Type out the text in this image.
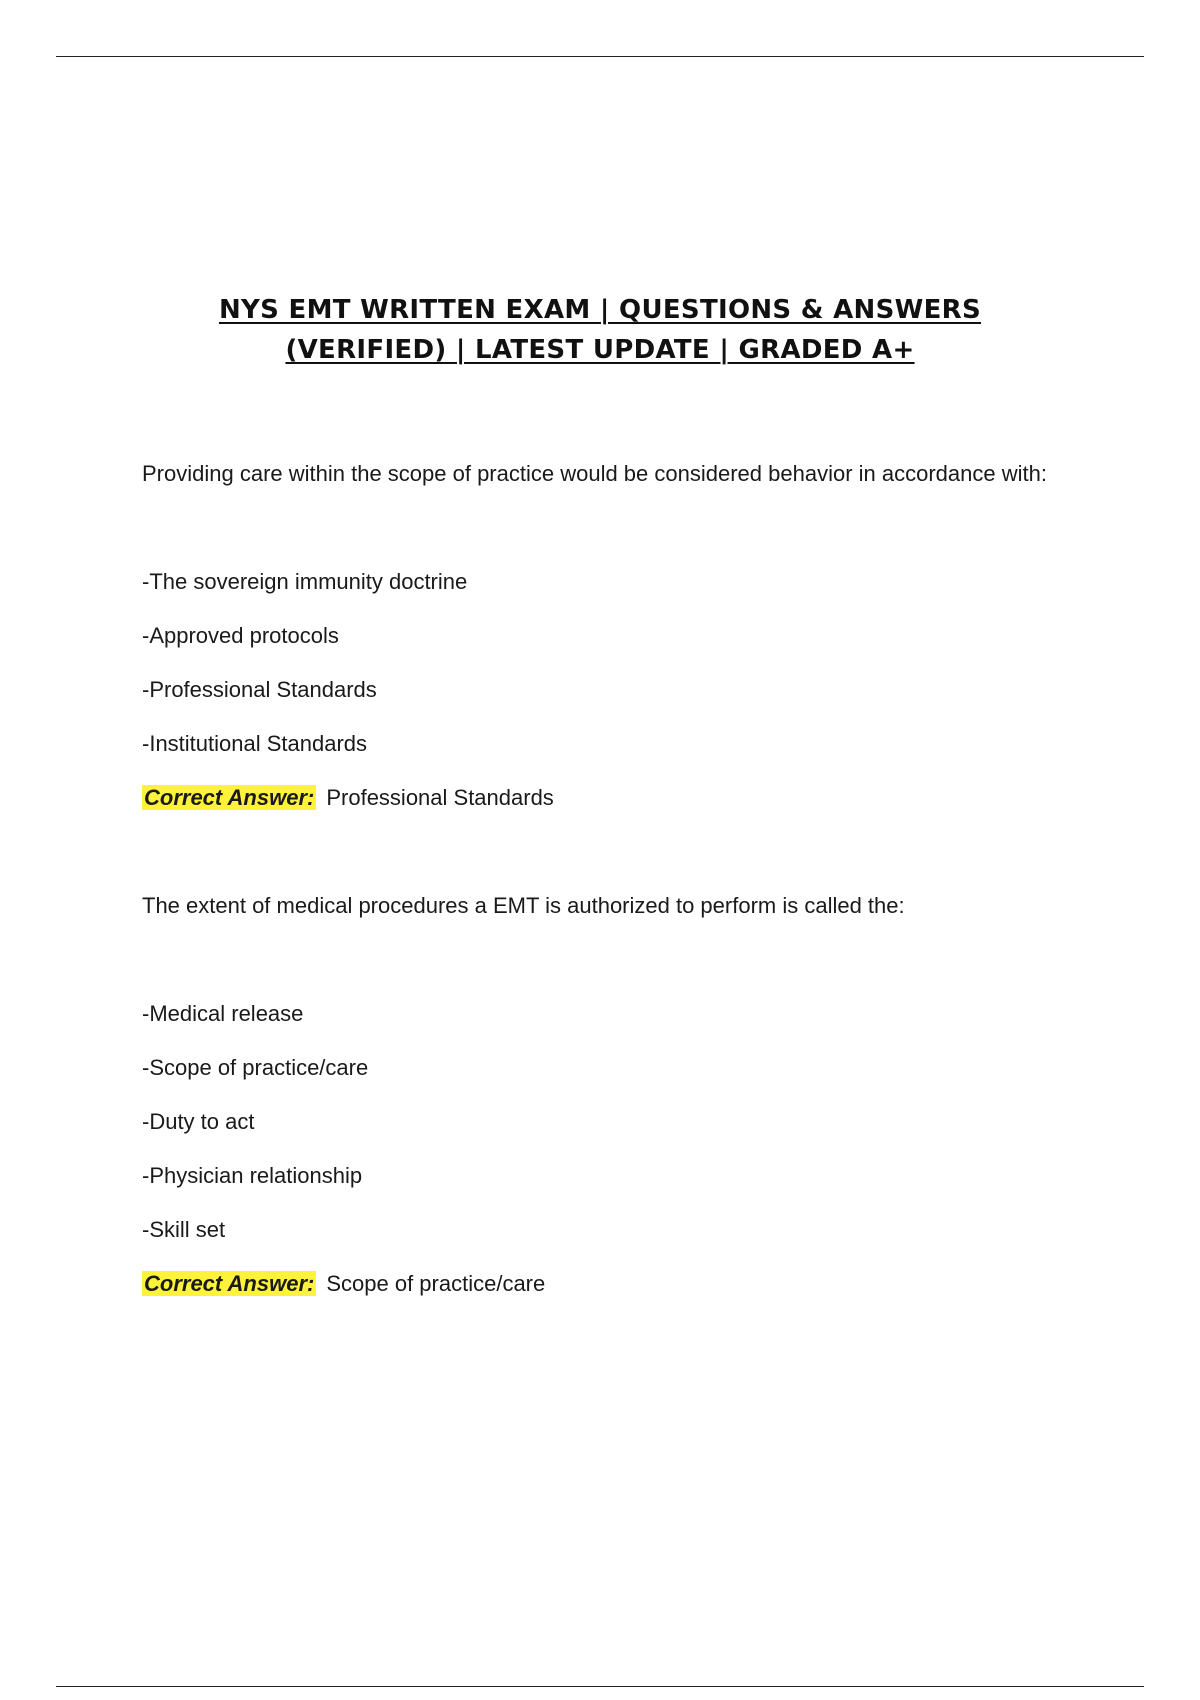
NYS EMT WRITTEN EXAM | QUESTIONS & ANSWERS
(VERIFIED) | LATEST UPDATE | GRADED A+

Providing care within the scope of practice would be considered behavior in accordance with:

-The sovereign immunity doctrine

-Approved protocols

-Professional Standards

-Institutional Standards

Correct Answer: Professional Standards

The extent of medical procedures a EMT is authorized to perform is called the:

-Medical release

-Scope of practice/care

-Duty to act

-Physician relationship

-Skill set

Correct Answer: Scope of practice/care
